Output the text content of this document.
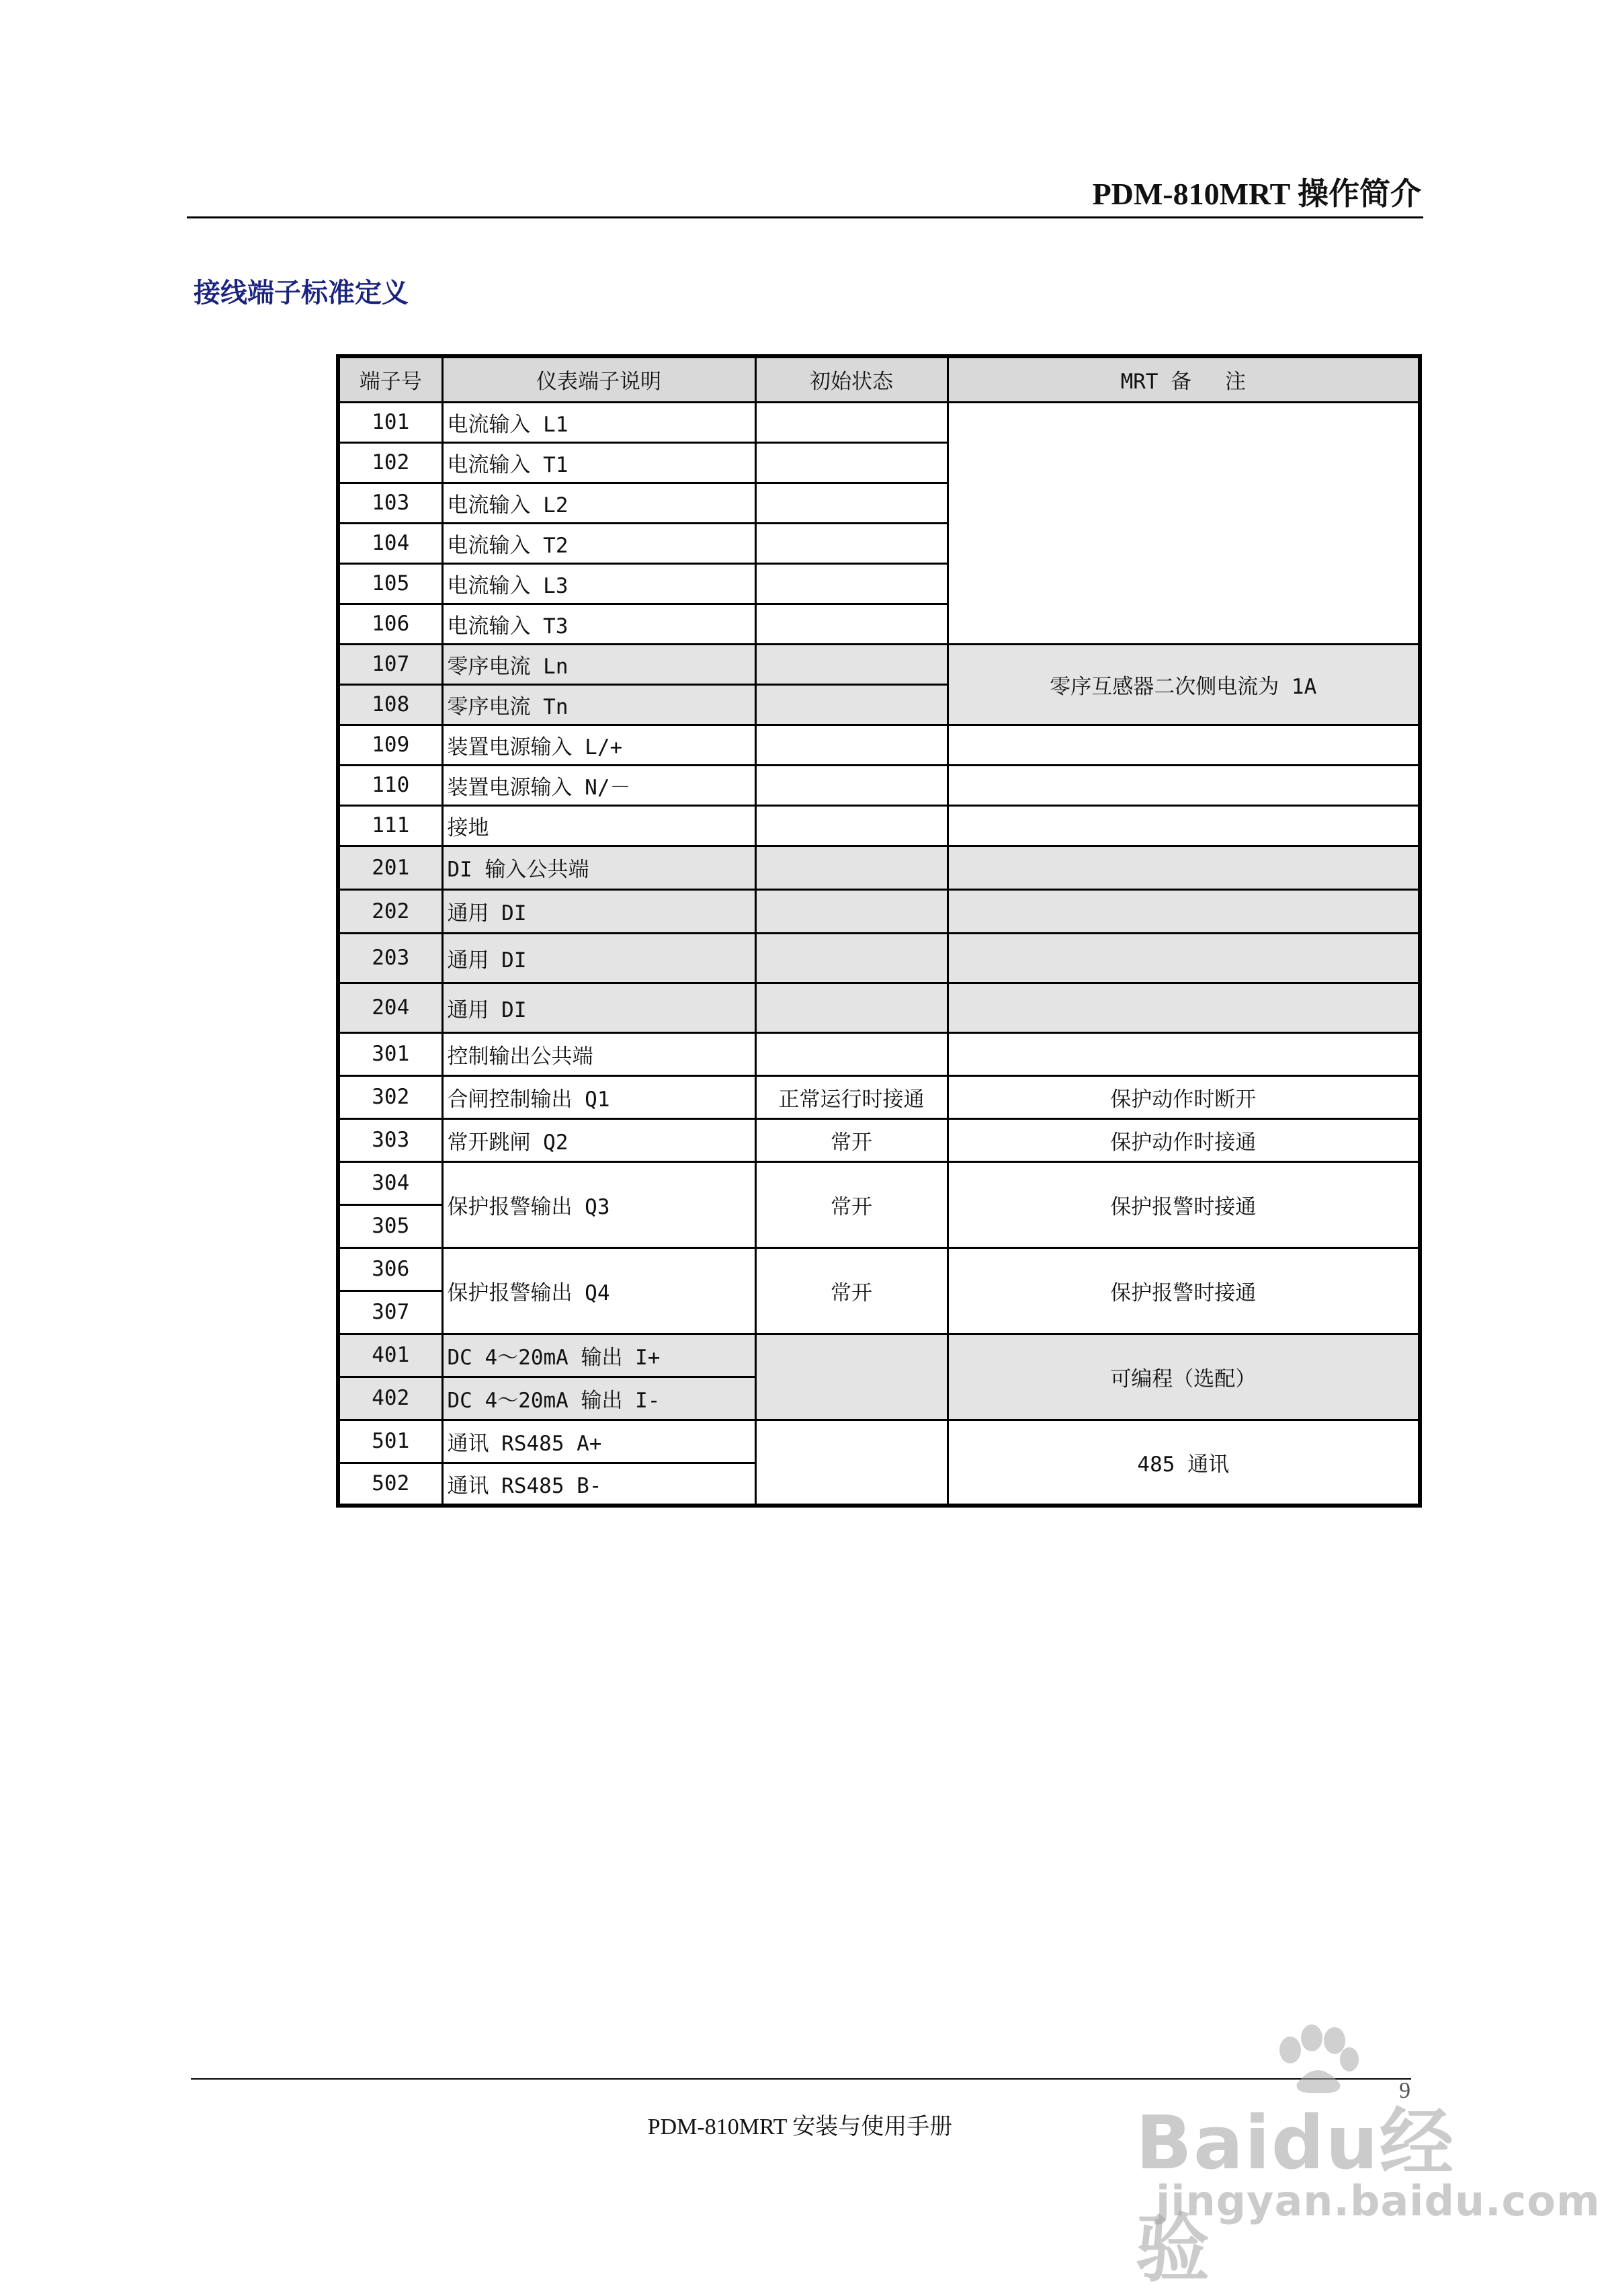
PDM-810MRT 操作简介
接线端子标准定义
端子号	仪表端子说明	初始状态	MRT 备　 注
101	电流输入 L1		
102	电流输入 T1		
103	电流输入 L2		
104	电流输入 T2		
105	电流输入 L3		
106	电流输入 T3		
107	零序电流 Ln		零序互感器二次侧电流为 1A
108	零序电流 Tn		
109	装置电源输入 L/+		
110	装置电源输入 N/－		
111	接地		
201	DI 输入公共端		
202	通用 DI		
203	通用 DI		
204	通用 DI		
301	控制输出公共端		
302	合闸控制输出 Q1	正常运行时接通	保护动作时断开
303	常开跳闸 Q2	常开	保护动作时接通
304	保护报警输出 Q3	常开	保护报警时接通
305			
306	保护报警输出 Q4	常开	保护报警时接通
307			
401	DC 4～20mA 输出 I+		可编程（选配）
402	DC 4～20mA 输出 I-		
501	通讯 RS485 A+		485 通讯
502	通讯 RS485 B-		
9
PDM-810MRT 安装与使用手册	Baidu经验
jingyan.baidu.com
